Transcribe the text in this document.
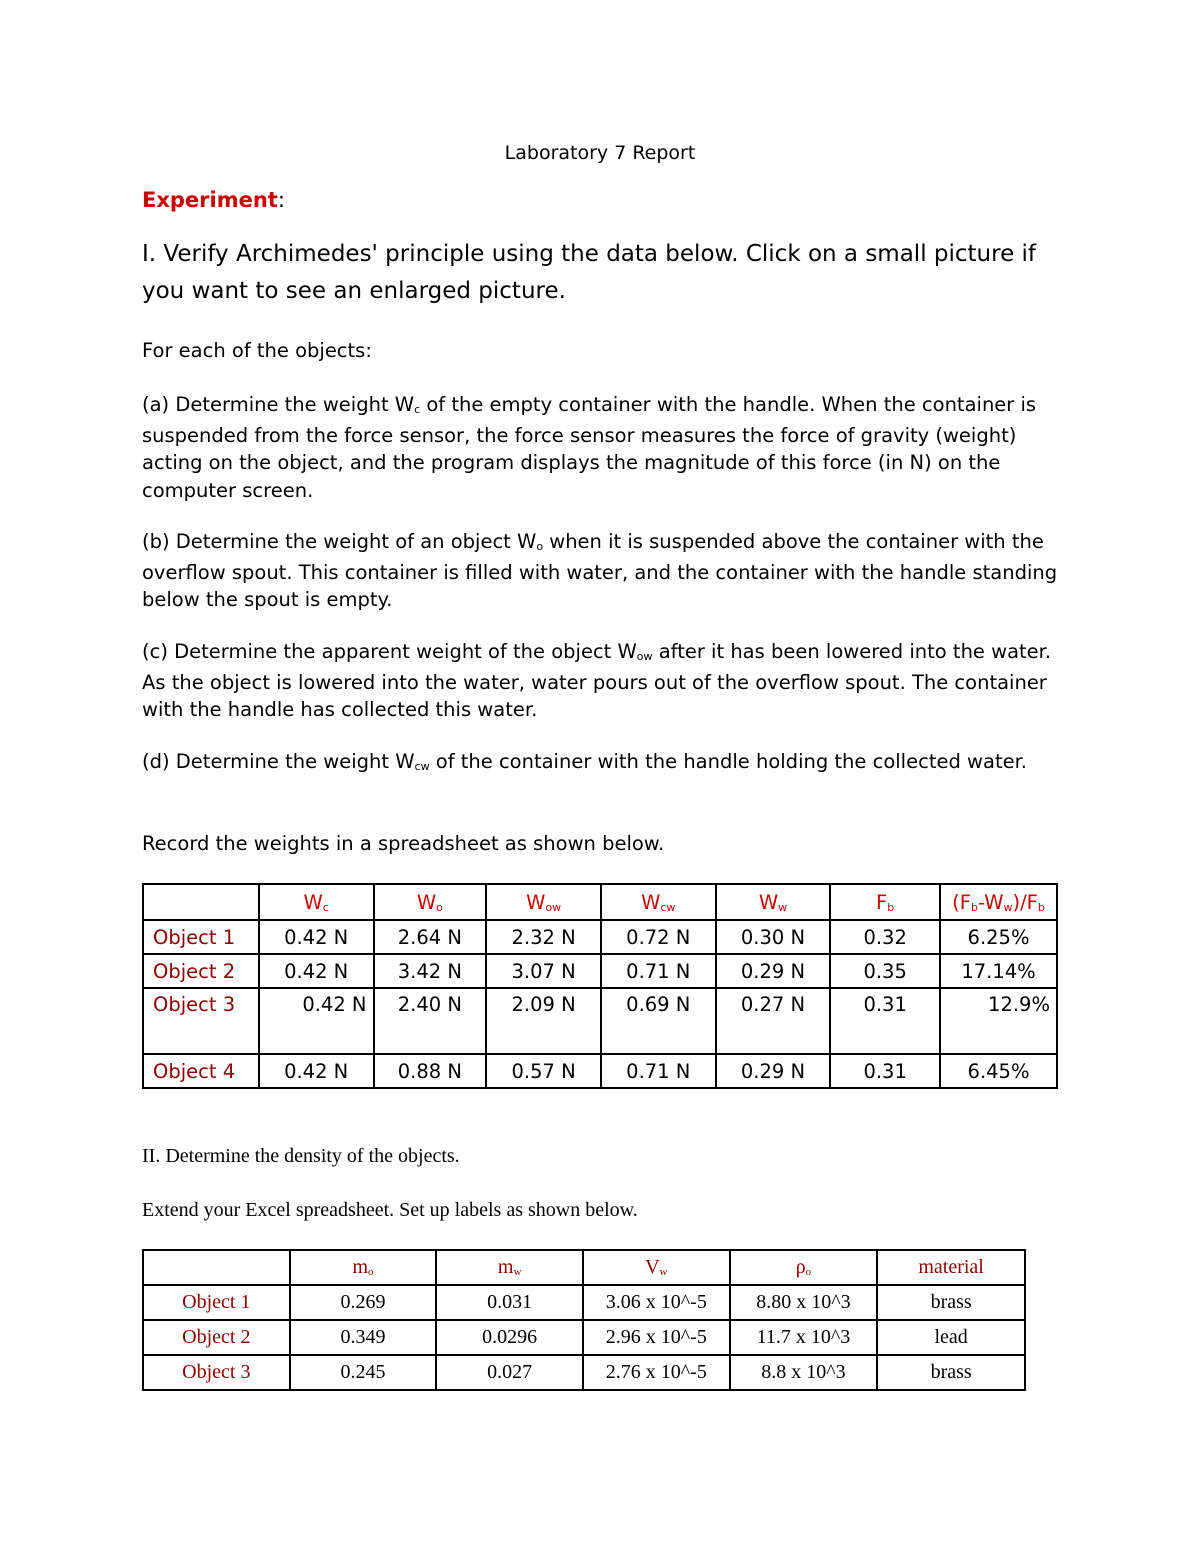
Laboratory 7 Report
Experiment:
I. Verify Archimedes' principle using the data below. Click on a small picture if you want to see an enlarged picture.
For each of the objects:
(a) Determine the weight $W_c$ of the empty container with the handle. When the container is suspended from the force sensor, the force sensor measures the force of gravity (weight) acting on the object, and the program displays the magnitude of this force (in N) on the computer screen.
(b) Determine the weight of an object $W_o$ when it is suspended above the container with the overflow spout. This container is filled with water, and the container with the handle standing below the spout is empty.
(c) Determine the apparent weight of the object $W_{ow}$ after it has been lowered into the water. As the object is lowered into the water, water pours out of the overflow spout. The container with the handle has collected this water.
(d) Determine the weight $W_{cw}$ of the container with the handle holding the collected water.
Record the weights in a spreadsheet as shown below.
	$W_c$	$W_o$	$W_{ow}$	$W_{cw}$	$W_w$	$F_b$	$(F_b-W_w)/F_b$
Object 1	0.42 N	2.64 N	2.32 N	0.72 N	0.30 N	0.32	6.25%
Object 2	0.42 N	3.42 N	3.07 N	0.71 N	0.29 N	0.35	17.14%
Object 3	0.42 N	2.40 N	2.09 N	0.69 N	0.27 N	0.31	12.9%
Object 4	0.42 N	0.88 N	0.57 N	0.71 N	0.29 N	0.31	6.45%
II. Determine the density of the objects.
Extend your Excel spreadsheet. Set up labels as shown below.
	$m_o$	$m_w$	$V_w$	$\rho_o$	material
Object 1	0.269	0.031	3.06 x 10^-5	8.80 x 10^3	brass
Object 2	0.349	0.0296	2.96 x 10^-5	11.7 x 10^3	lead
Object 3	0.245	0.027	2.76 x 10^-5	8.8 x 10^3	brass
